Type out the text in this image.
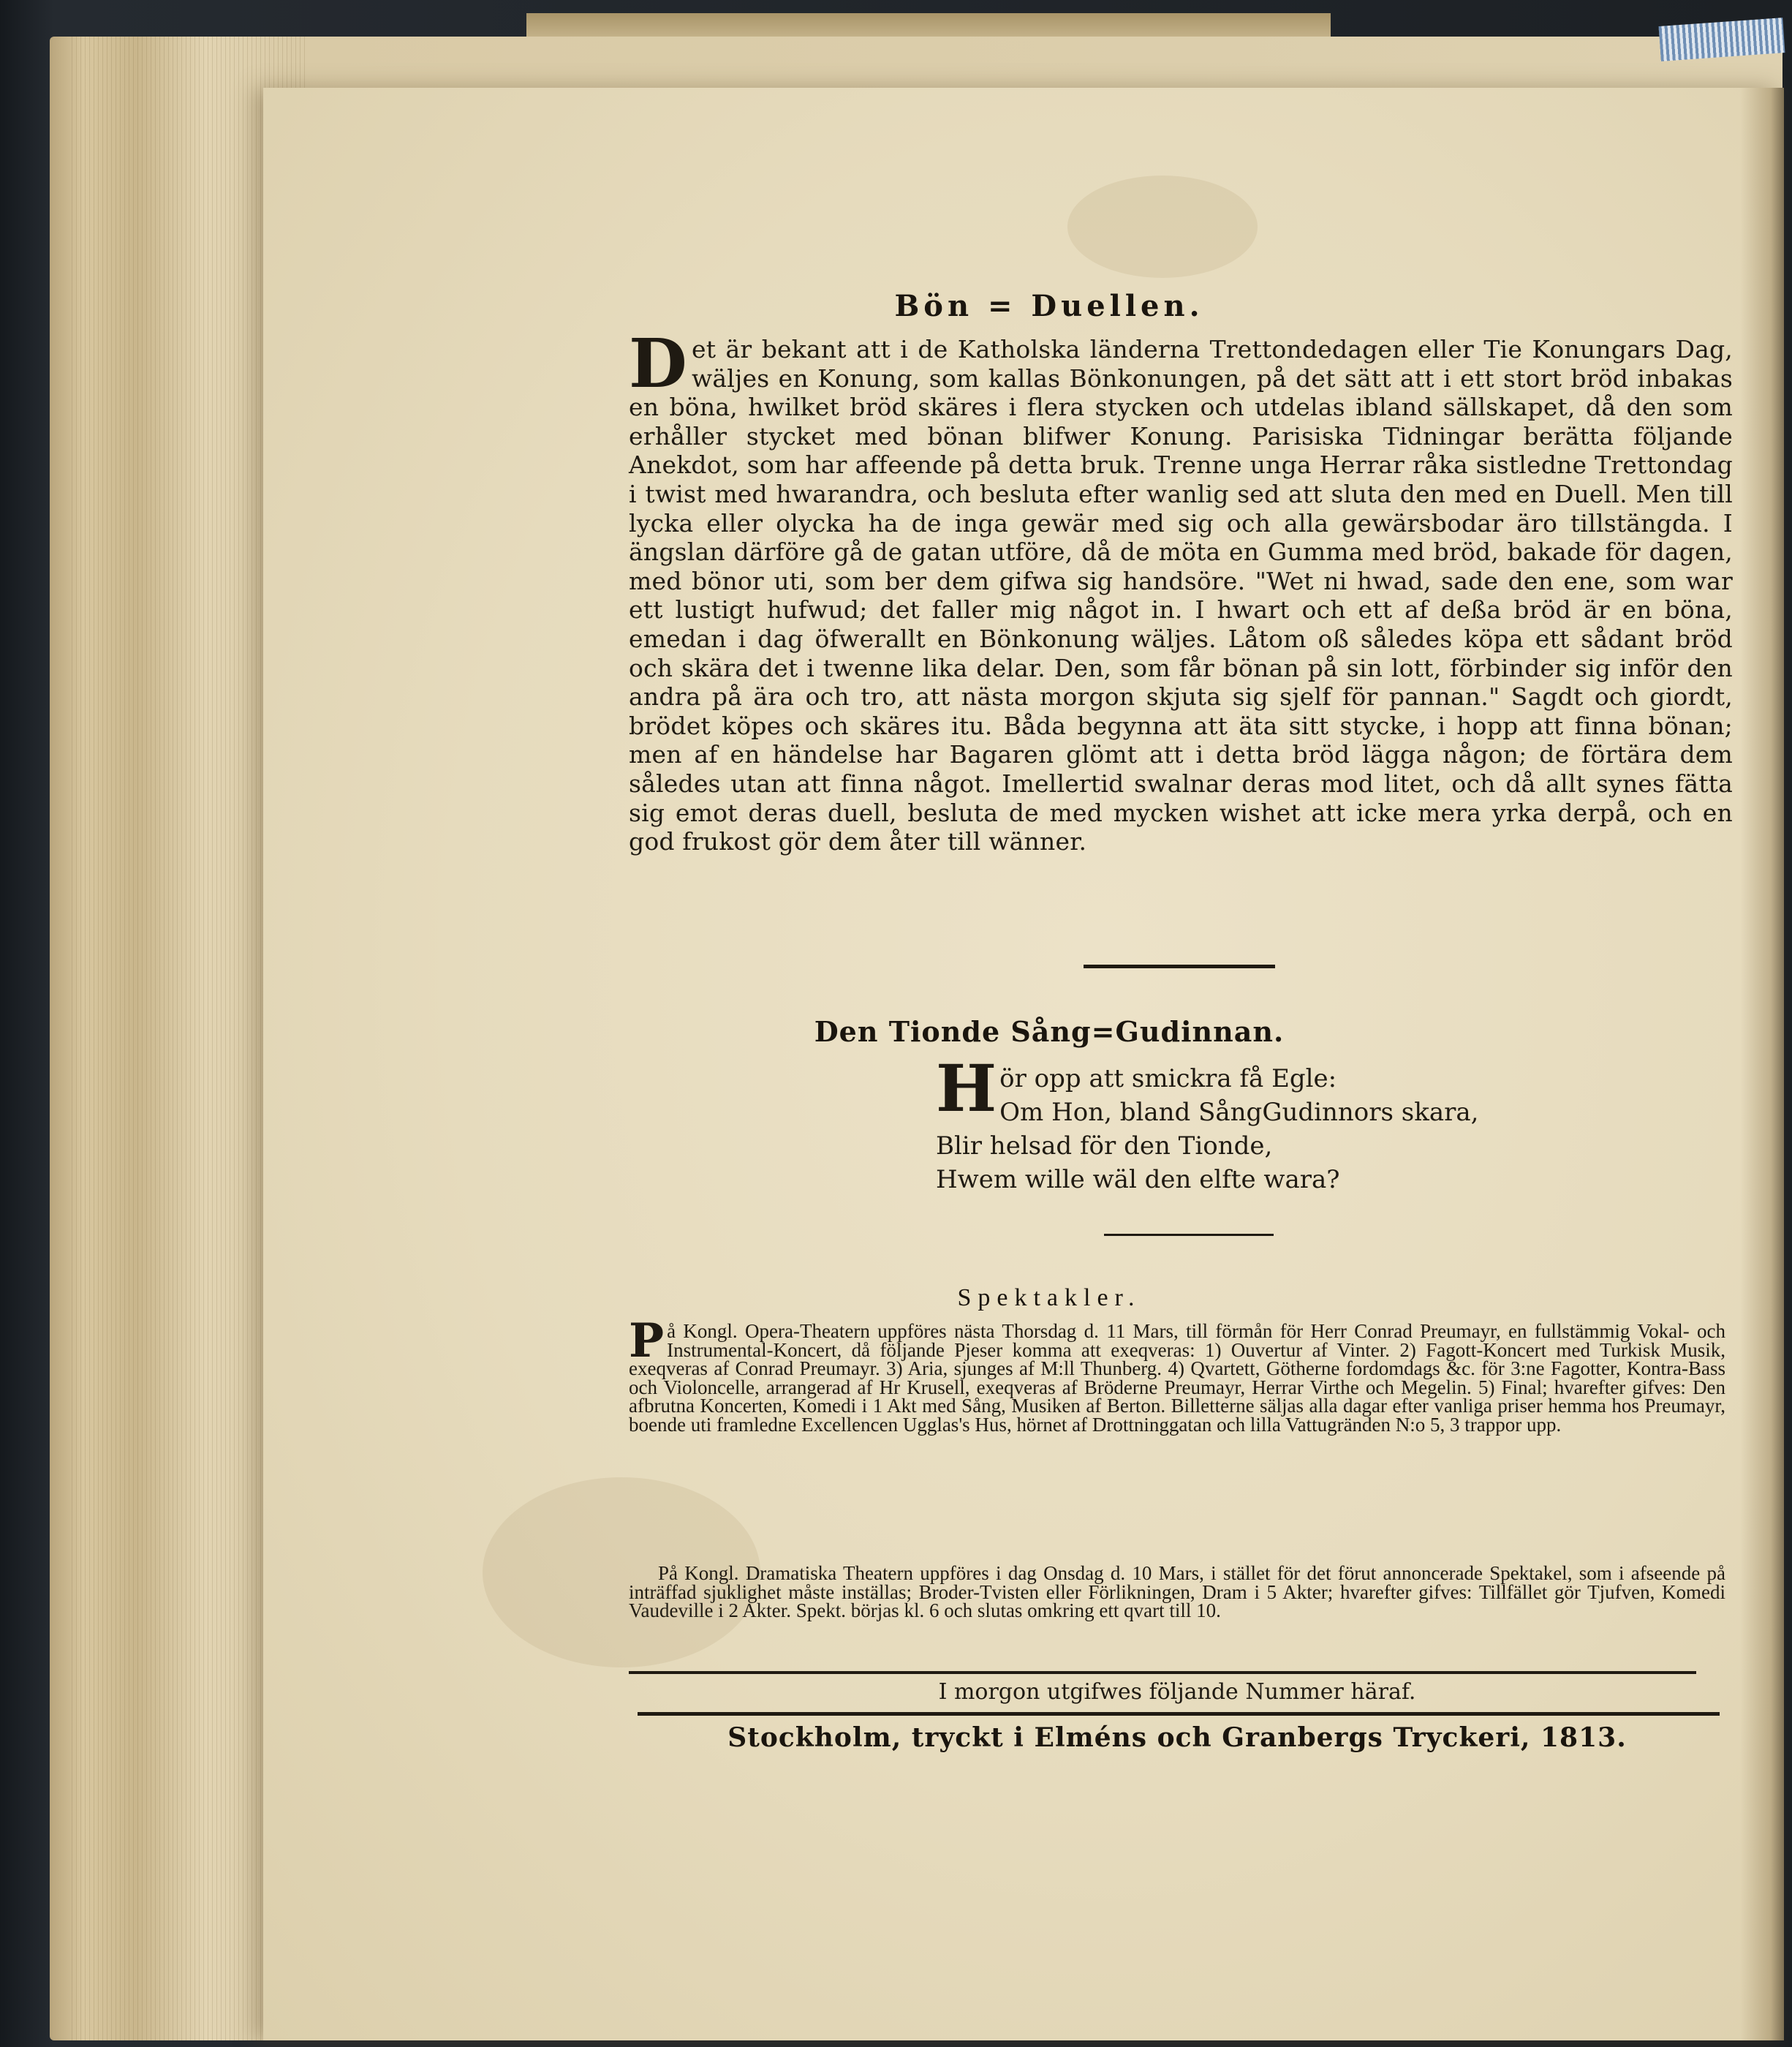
Bön = Duellen.
Det är bekant att i de Katholska länderna Trettondedagen eller Tie Konungars Dag, wäljes en Konung, som kallas Bönkonungen, på det sätt att i ett stort bröd inbakas en böna, hwilket bröd skäres i flera stycken och utdelas ibland sällskapet, då den som erhåller stycket med bönan blifwer Konung. Parisiska Tidningar berätta följande Anekdot, som har affeende på detta bruk. Trenne unga Herrar råka sistledne Trettondag i twist med hwarandra, och besluta efter wanlig sed att sluta den med en Duell. Men till lycka eller olycka ha de inga gewär med sig och alla gewärsbodar äro tillstängda. I ängslan därföre gå de gatan utföre, då de möta en Gumma med bröd, bakade för dagen, med bönor uti, som ber dem gifwa sig handsöre. "Wet ni hwad, sade den ene, som war ett lustigt hufwud; det faller mig något in. I hwart och ett af deßa bröd är en böna, emedan i dag öfwerallt en Bönkonung wäljes. Låtom oß således köpa ett sådant bröd och skära det i twenne lika delar. Den, som får bönan på sin lott, förbinder sig inför den andra på ära och tro, att nästa morgon skjuta sig sjelf för pannan." Sagdt och giordt, brödet köpes och skäres itu. Båda begynna att äta sitt stycke, i hopp att finna bönan; men af en händelse har Bagaren glömt att i detta bröd lägga någon; de förtära dem således utan att finna något. Imellertid swalnar deras mod litet, och då allt synes fätta sig emot deras duell, besluta de med mycken wishet att icke mera yrka derpå, och en god frukost gör dem åter till wänner.
Den Tionde Sång=Gudinnan.
H ör opp att smickra få Egle:
Om Hon, bland SångGudinnors skara,
Blir helsad för den Tionde,
Hwem wille wäl den elfte wara?
Spektakler.
På Kongl. Opera-Theatern uppföres nästa Thorsdag d. 11 Mars, till förmån för Herr Conrad Preumayr, en fullstämmig Vokal- och Instrumental-Koncert, då följande Pjeser komma att exeqveras: 1) Ouvertur af Vinter. 2) Fagott-Koncert med Turkisk Musik, exeqveras af Conrad Preumayr. 3) Aria, sjunges af M:ll Thunberg. 4) Qvartett, Götherne fordomdags &c. för 3:ne Fagotter, Kontra-Bass och Violoncelle, arrangerad af Hr Krusell, exeqveras af Bröderne Preumayr, Herrar Virthe och Megelin. 5) Final; hvarefter gifves: Den afbrutna Koncerten, Komedi i 1 Akt med Sång, Musiken af Berton. Billetterne säljas alla dagar efter vanliga priser hemma hos Preumayr, boende uti framledne Excellencen Ugglas's Hus, hörnet af Drottninggatan och lilla Vattugränden N:o 5, 3 trappor upp.
På Kongl. Dramatiska Theatern uppföres i dag Onsdag d. 10 Mars, i stället för det förut annoncerade Spektakel, som i afseende på inträffad sjuklighet måste inställas; Broder-Tvisten eller Förlikningen, Dram i 5 Akter; hvarefter gifves: Tillfället gör Tjufven, Komedi Vaudeville i 2 Akter. Spekt. börjas kl. 6 och slutas omkring ett qvart till 10.
I morgon utgifwes följande Nummer häraf.
Stockholm, tryckt i Elméns och Granbergs Tryckeri, 1813.
